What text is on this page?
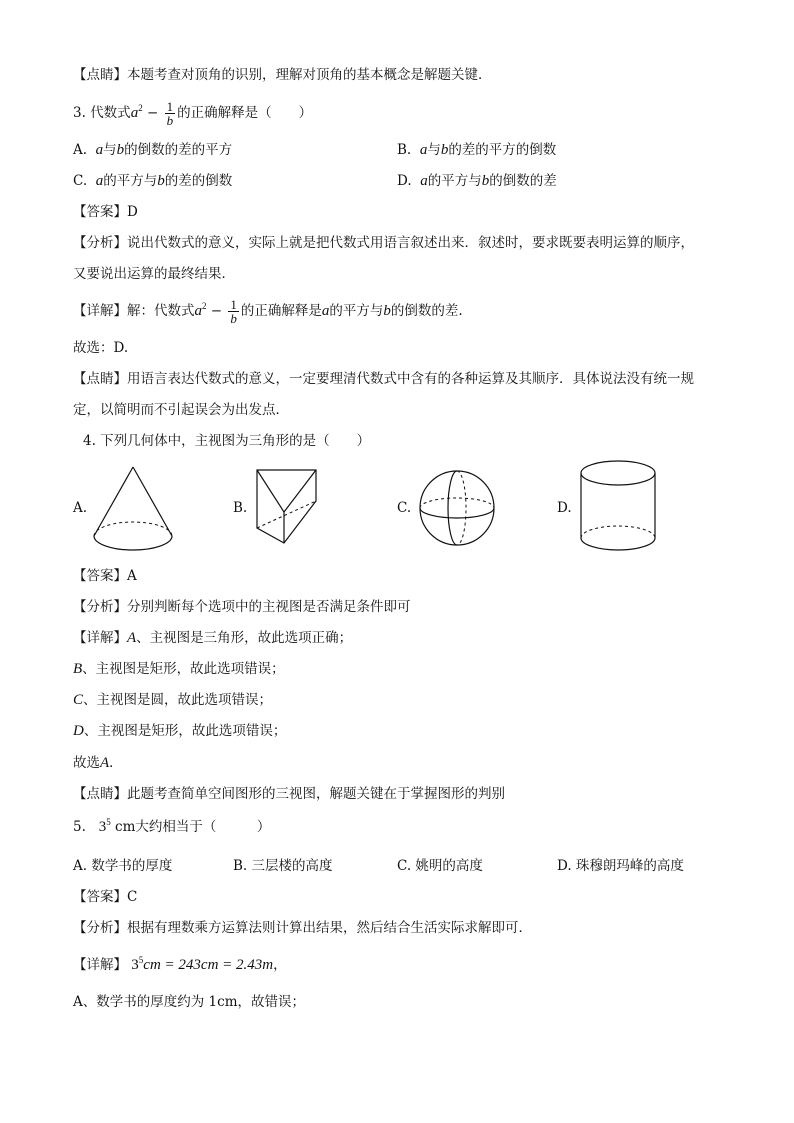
【点睛】本题考查对顶角的识别，理解对顶角的基本概念是解题关键．
3. 代数式$a^2 - \frac{1}{b}$ 的正确解释是（　　）
A. a与b的倒数的差的平方	B. a与b的差的平方的倒数
C. a的平方与b的差的倒数	D. a的平方与b的倒数的差
【答案】D
【分析】说出代数式的意义，实际上就是把代数式用语言叙述出来．叙述时，要求既要表明运算的顺序，
又要说出运算的最终结果．
【详解】解：代数式$a^2 - \frac{1}{b}$ 的正确解释是a的平方与b的倒数的差.
故选：D.
【点睛】用语言表达代数式的意义，一定要理清代数式中含有的各种运算及其顺序．具体说法没有统一规
定，以简明而不引起误会为出发点．
4. 下列几何体中，主视图为三角形的是（　　）
A.	B.	C.	D.
【答案】A
【分析】分别判断每个选项中的主视图是否满足条件即可
【详解】A、主视图是三角形，故此选项正确；
B、主视图是矩形，故此选项错误；
C、主视图是圆，故此选项错误；
D、主视图是矩形，故此选项错误；
故选A．
【点睛】此题考查简单空间图形的三视图，解题关键在于掌握图形的判别
5. $3^5$ cm大约相当于（　　　）
A. 数学书的厚度	B. 三层楼的高度	C. 姚明的高度	D. 珠穆朗玛峰的高度
【答案】C
【分析】根据有理数乘方运算法则计算出结果，然后结合生活实际求解即可．
【详解】 $3^5cm = 243cm = 2.43m$，
A、数学书的厚度约为 1cm，故错误；
